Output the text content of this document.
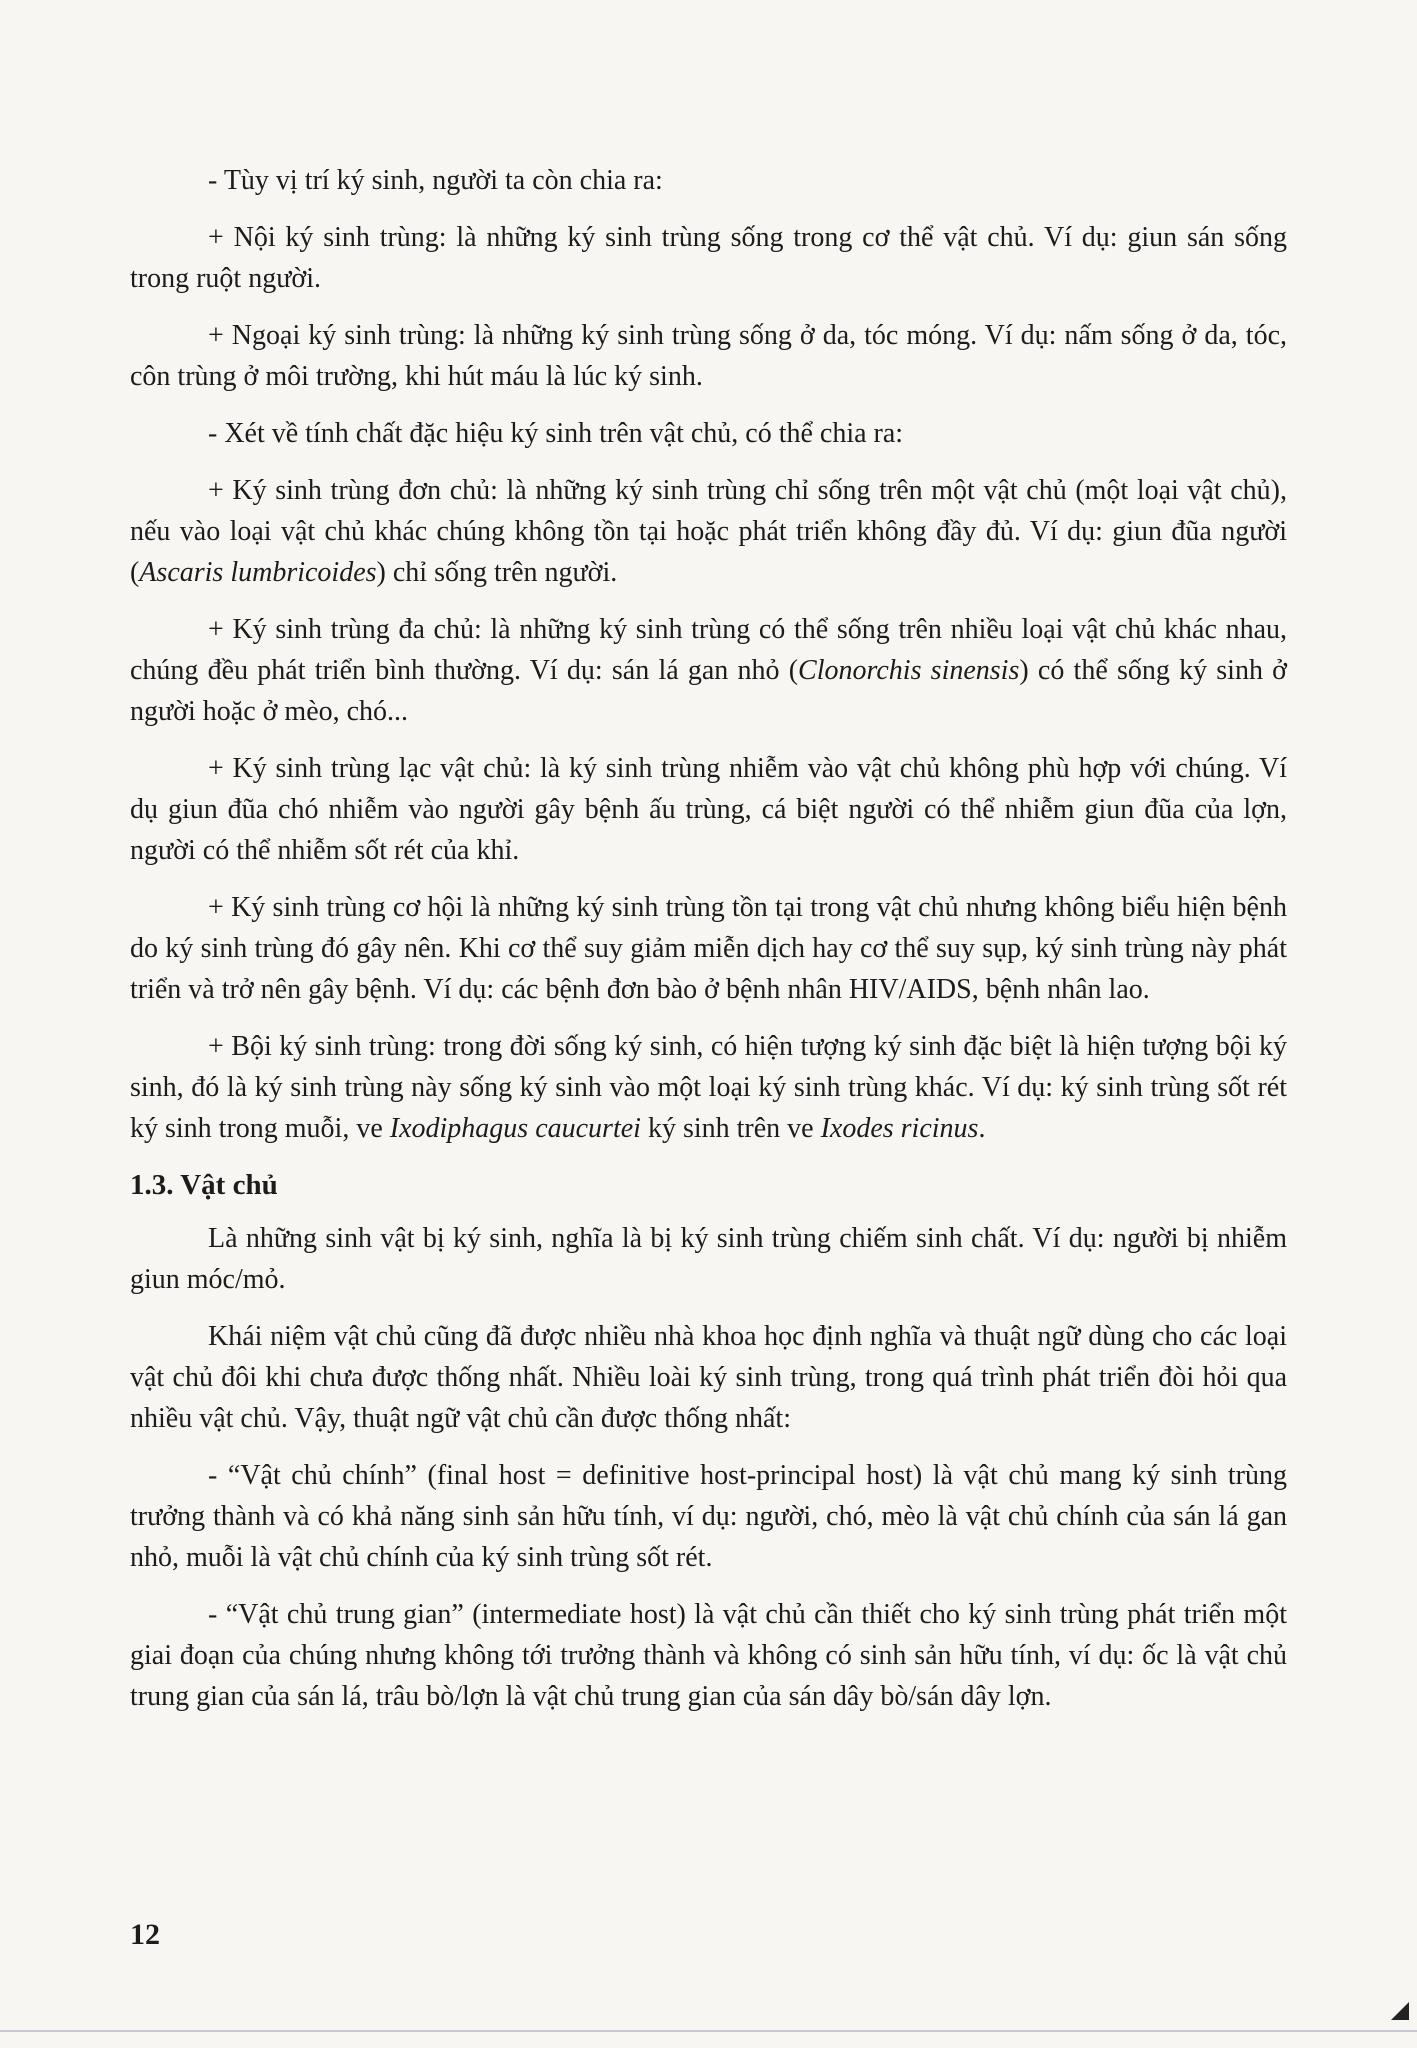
- Tùy vị trí ký sinh, người ta còn chia ra:

+ Nội ký sinh trùng: là những ký sinh trùng sống trong cơ thể vật chủ. Ví dụ: giun sán sống trong ruột người.

+ Ngoại ký sinh trùng: là những ký sinh trùng sống ở da, tóc móng. Ví dụ: nấm sống ở da, tóc, côn trùng ở môi trường, khi hút máu là lúc ký sinh.

- Xét về tính chất đặc hiệu ký sinh trên vật chủ, có thể chia ra:

+ Ký sinh trùng đơn chủ: là những ký sinh trùng chỉ sống trên một vật chủ (một loại vật chủ), nếu vào loại vật chủ khác chúng không tồn tại hoặc phát triển không đầy đủ. Ví dụ: giun đũa người (Ascaris lumbricoides) chỉ sống trên người.

+ Ký sinh trùng đa chủ: là những ký sinh trùng có thể sống trên nhiều loại vật chủ khác nhau, chúng đều phát triển bình thường. Ví dụ: sán lá gan nhỏ (Clonorchis sinensis) có thể sống ký sinh ở người hoặc ở mèo, chó...

+ Ký sinh trùng lạc vật chủ: là ký sinh trùng nhiễm vào vật chủ không phù hợp với chúng. Ví dụ giun đũa chó nhiễm vào người gây bệnh ấu trùng, cá biệt người có thể nhiễm giun đũa của lợn, người có thể nhiễm sốt rét của khỉ.

+ Ký sinh trùng cơ hội là những ký sinh trùng tồn tại trong vật chủ nhưng không biểu hiện bệnh do ký sinh trùng đó gây nên. Khi cơ thể suy giảm miễn dịch hay cơ thể suy sụp, ký sinh trùng này phát triển và trở nên gây bệnh. Ví dụ: các bệnh đơn bào ở bệnh nhân HIV/AIDS, bệnh nhân lao.

+ Bội ký sinh trùng: trong đời sống ký sinh, có hiện tượng ký sinh đặc biệt là hiện tượng bội ký sinh, đó là ký sinh trùng này sống ký sinh vào một loại ký sinh trùng khác. Ví dụ: ký sinh trùng sốt rét ký sinh trong muỗi, ve Ixodiphagus caucurtei ký sinh trên ve Ixodes ricinus.

1.3. Vật chủ

Là những sinh vật bị ký sinh, nghĩa là bị ký sinh trùng chiếm sinh chất. Ví dụ: người bị nhiễm giun móc/mỏ.

Khái niệm vật chủ cũng đã được nhiều nhà khoa học định nghĩa và thuật ngữ dùng cho các loại vật chủ đôi khi chưa được thống nhất. Nhiều loài ký sinh trùng, trong quá trình phát triển đòi hỏi qua nhiều vật chủ. Vậy, thuật ngữ vật chủ cần được thống nhất:

- “Vật chủ chính” (final host = definitive host-principal host) là vật chủ mang ký sinh trùng trưởng thành và có khả năng sinh sản hữu tính, ví dụ: người, chó, mèo là vật chủ chính của sán lá gan nhỏ, muỗi là vật chủ chính của ký sinh trùng sốt rét.

- “Vật chủ trung gian” (intermediate host) là vật chủ cần thiết cho ký sinh trùng phát triển một giai đoạn của chúng nhưng không tới trưởng thành và không có sinh sản hữu tính, ví dụ: ốc là vật chủ trung gian của sán lá, trâu bò/lợn là vật chủ trung gian của sán dây bò/sán dây lợn.

12
